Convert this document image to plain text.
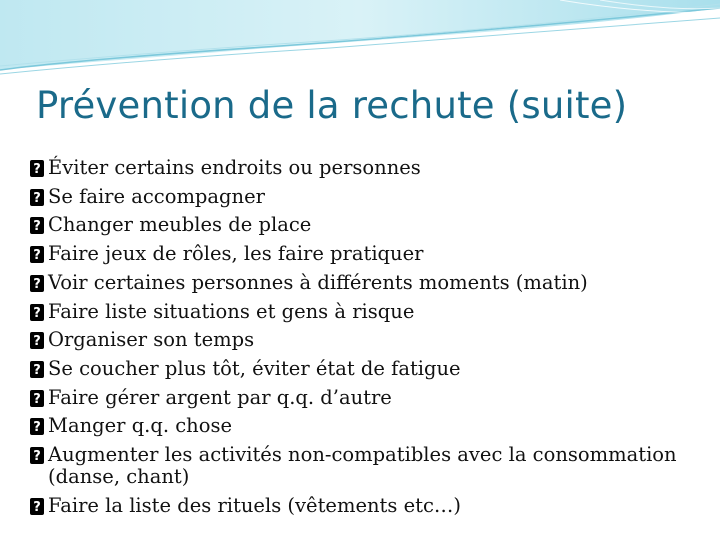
Prévention de la rechute (suite)
?
Éviter certains endroits ou personnes
?
Se faire accompagner
?
Changer meubles de place
?
Faire jeux de rôles, les faire pratiquer
?
Voir certaines personnes à différents moments (matin)
?
Faire liste situations et gens à risque
?
Organiser son temps
?
Se coucher plus tôt, éviter état de fatigue
?
Faire gérer argent par q.q. d’autre
?
Manger q.q. chose
?
Augmenter les activités non-compatibles avec la consommation (danse, chant)
?
Faire la liste des rituels (vêtements etc…)
